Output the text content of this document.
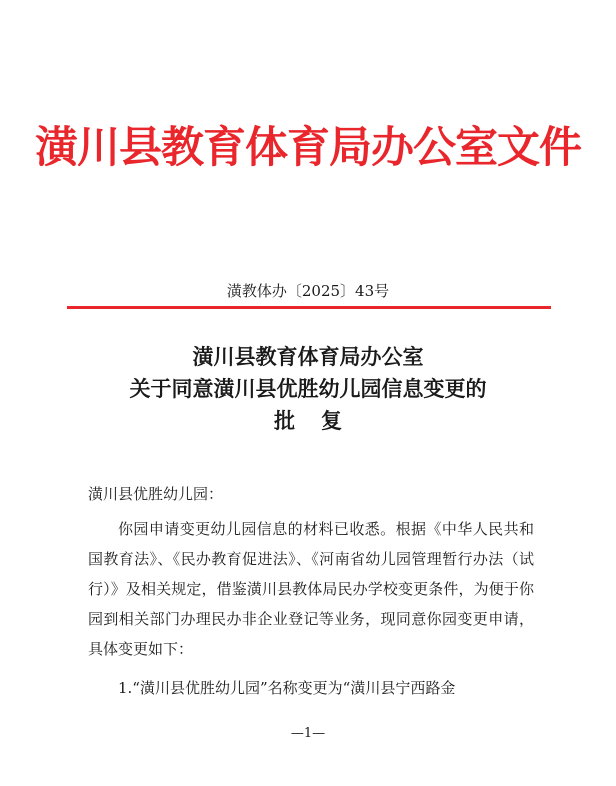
潢川县教育体育局办公室文件
潢教体办〔2025〕43号
潢川县教育体育局办公室
关于同意潢川县优胜幼儿园信息变更的
批复
潢川县优胜幼儿园：
你园申请变更幼儿园信息的材料已收悉。根据《中华人民共和国教育法》、《民办教育促进法》、《河南省幼儿园管理暂行办法（试行）》及相关规定，借鉴潢川县教体局民办学校变更条件，为便于你园到相关部门办理民办非企业登记等业务，现同意你园变更申请，具体变更如下：
1.“潢川县优胜幼儿园”名称变更为“潢川县宁西路金
—1—
